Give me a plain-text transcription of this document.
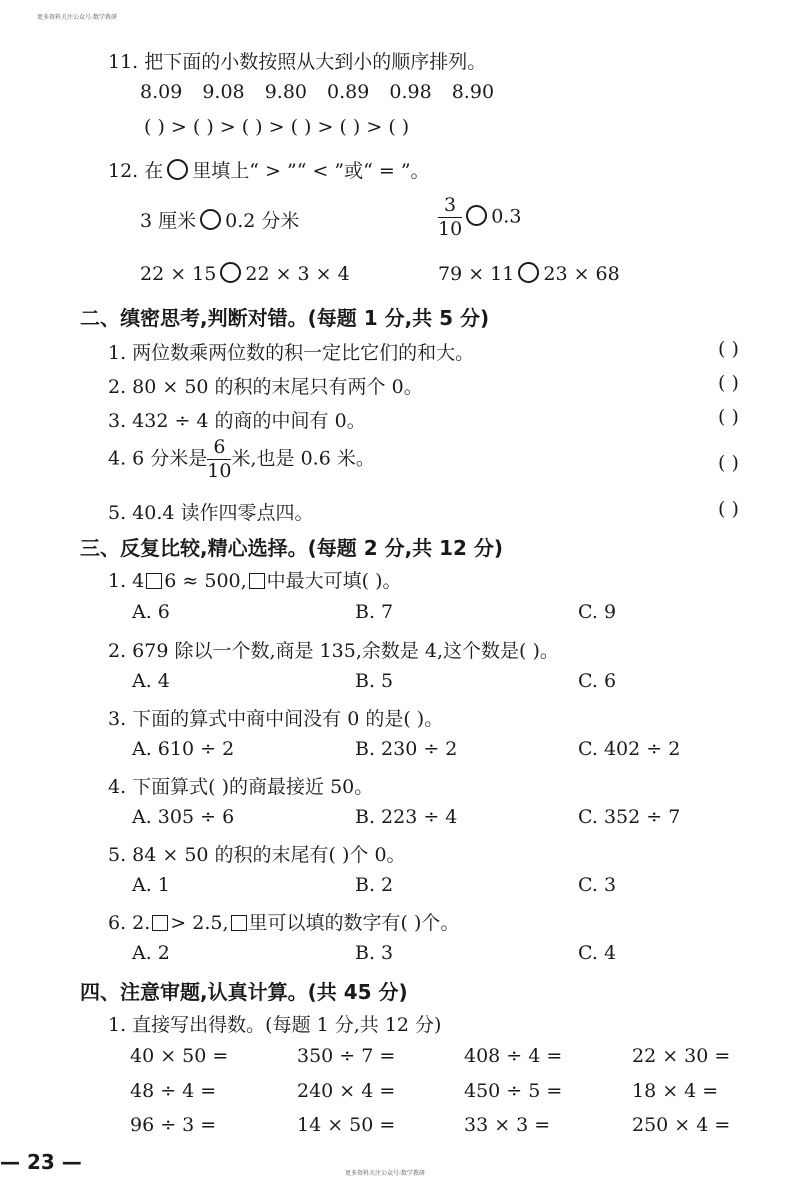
更多资料关注公众号:数学教研
11. 把下面的小数按照从大到小的顺序排列。
8.09 9.08 9.80 0.89 0.98 8.90
( ) > ( ) > ( ) > ( ) > ( ) > ( )
12. 在 里填上“ > ”“ < ”或“ = ”。
3 厘米 0.2 分米	$\frac{3}{10} 0.3$
22 × 15 22 × 3 × 4	79 × 11 23 × 68
二、缜密思考,判断对错。(每题 1 分,共 5 分)
1. 两位数乘两位数的积一定比它们的和大。	( )
2. 80 × 50 的积的末尾只有两个 0。	( )
3. 432 ÷ 4 的商的中间有 0。	( )
4. 6 分米是 $\frac{6}{10}$ 米,也是 0.6 米。	( )
5. 40.4 读作四零点四。	( )
三、反复比较,精心选择。(每题 2 分,共 12 分)
1. 4 6 ≈ 500, 中最大可填( )。
A. 6	B. 7	C. 9
2. 679 除以一个数,商是 135,余数是 4,这个数是( )。
A. 4	B. 5	C. 6
3. 下面的算式中商中间没有 0 的是( )。
A. 610 ÷ 2	B. 230 ÷ 2	C. 402 ÷ 2
4. 下面算式( )的商最接近 50。
A. 305 ÷ 6	B. 223 ÷ 4	C. 352 ÷ 7
5. 84 × 50 的积的末尾有( )个 0。
A. 1	B. 2	C. 3
6. 2. > 2.5, 里可以填的数字有( )个。
A. 2	B. 3	C. 4
四、注意审题,认真计算。(共 45 分)
1. 直接写出得数。(每题 1 分,共 12 分)
40 × 50 =	350 ÷ 7 =	408 ÷ 4 =	22 × 30 =
48 ÷ 4 =	240 × 4 =	450 ÷ 5 =	18 × 4 =
96 ÷ 3 =	14 × 50 =	33 × 3 =	250 × 4 =
— 23 —	更多资料关注公众号:数学教研
